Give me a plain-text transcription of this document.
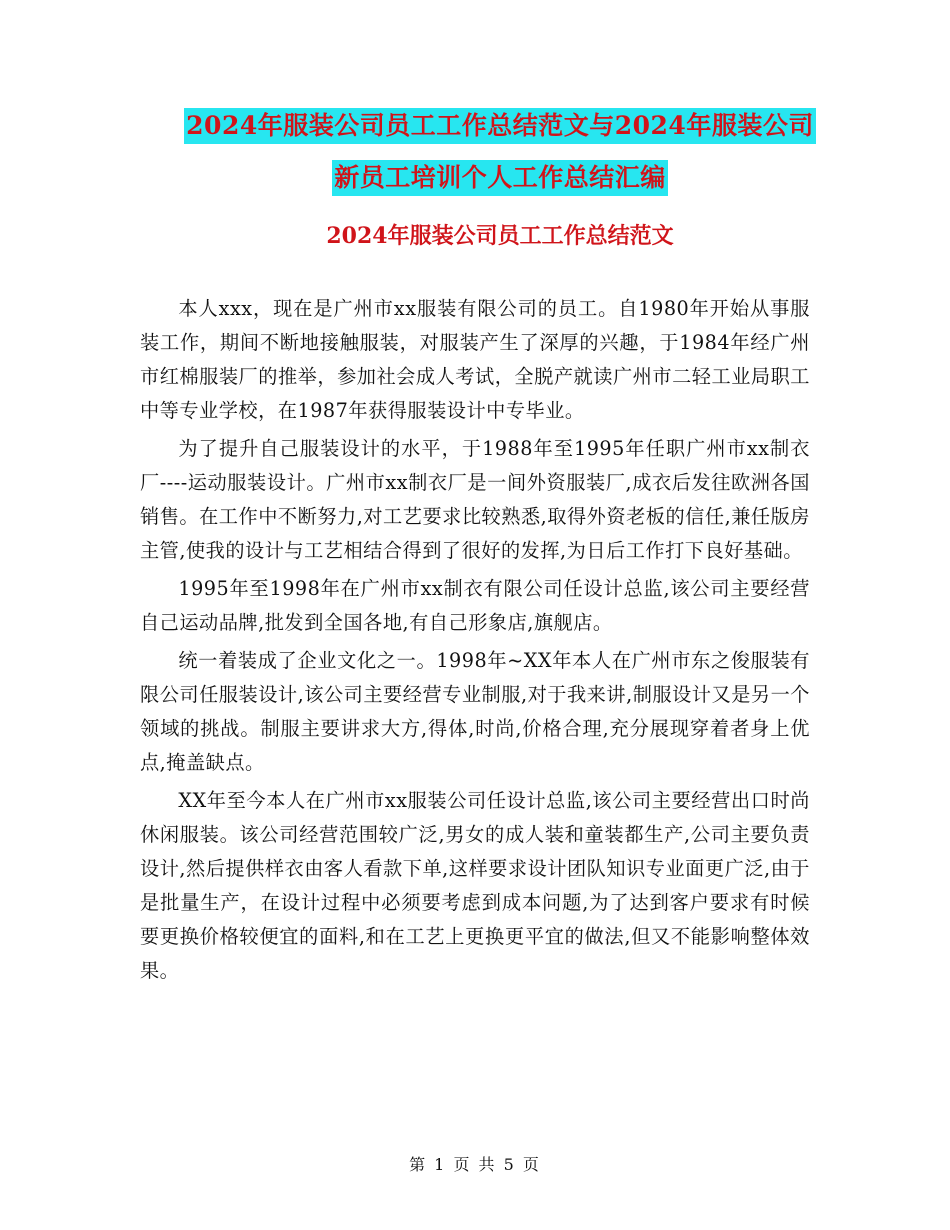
2024年服装公司员工工作总结范文与2024年服装公司
新员工培训个人工作总结汇编
2024年服装公司员工工作总结范文

本人xxx，现在是广州市xx服装有限公司的员工。自1980年开始从事服装工作，期间不断地接触服装，对服装产生了深厚的兴趣，于1984年经广州市红棉服装厂的推举，参加社会成人考试，全脱产就读广州市二轻工业局职工中等专业学校，在1987年获得服装设计中专毕业。

为了提升自己服装设计的水平，于1988年至1995年任职广州市xx制衣厂----运动服装设计。广州市xx制衣厂是一间外资服装厂,成衣后发往欧洲各国销售。在工作中不断努力,对工艺要求比较熟悉,取得外资老板的信任,兼任版房主管,使我的设计与工艺相结合得到了很好的发挥,为日后工作打下良好基础。

1995年至1998年在广州市xx制衣有限公司任设计总监,该公司主要经营自己运动品牌,批发到全国各地,有自己形象店,旗舰店。

统一着装成了企业文化之一。1998年~XX年本人在广州市东之俊服装有限公司任服装设计,该公司主要经营专业制服,对于我来讲,制服设计又是另一个领域的挑战。制服主要讲求大方,得体,时尚,价格合理,充分展现穿着者身上优点,掩盖缺点。

XX年至今本人在广州市xx服装公司任设计总监,该公司主要经营出口时尚休闲服装。该公司经营范围较广泛,男女的成人装和童装都生产,公司主要负责设计,然后提供样衣由客人看款下单,这样要求设计团队知识专业面更广泛,由于是批量生产，在设计过程中必须要考虑到成本问题,为了达到客户要求有时候要更换价格较便宜的面料,和在工艺上更换更平宜的做法,但又不能影响整体效果。

第 1 页 共 5 页
